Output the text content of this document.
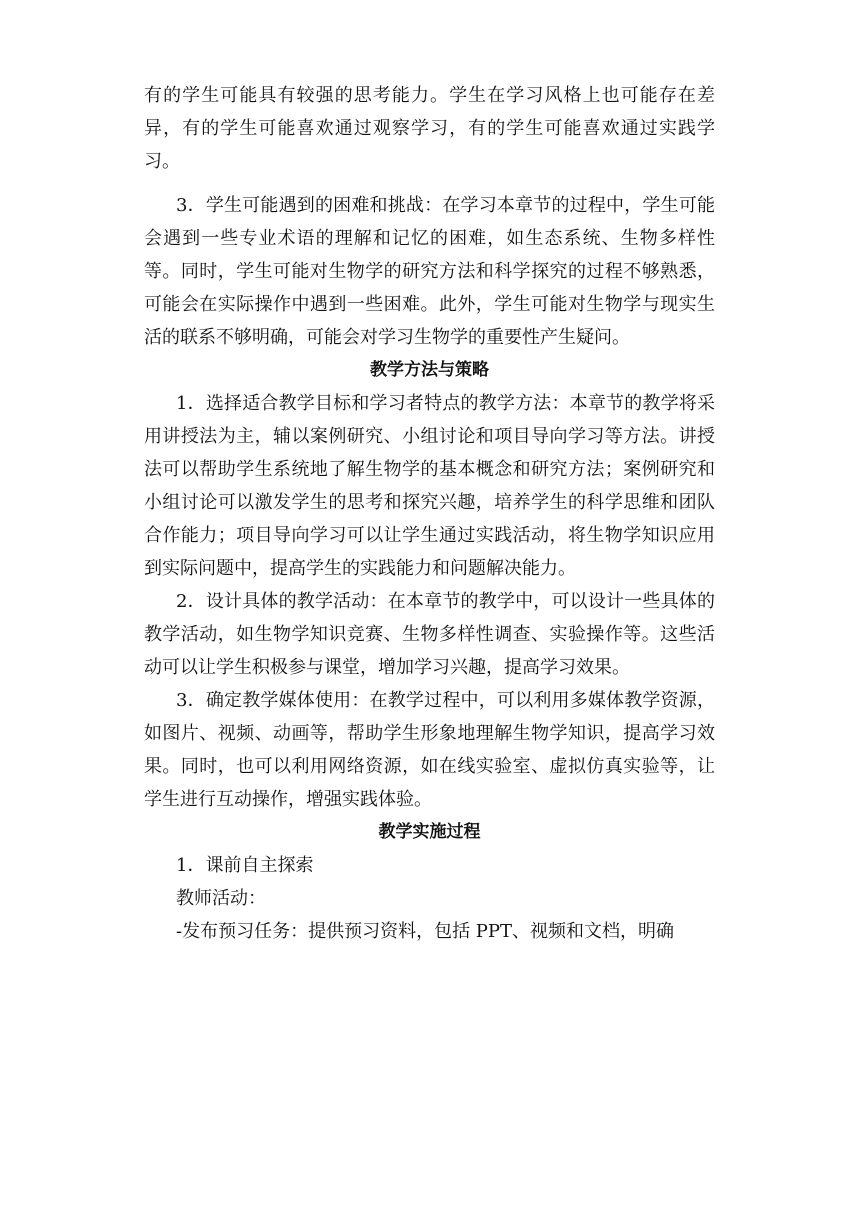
有的学生可能具有较强的思考能力。学生在学习风格上也可能存在差异，有的学生可能喜欢通过观察学习，有的学生可能喜欢通过实践学习。

3．学生可能遇到的困难和挑战：在学习本章节的过程中，学生可能会遇到一些专业术语的理解和记忆的困难，如生态系统、生物多样性等。同时，学生可能对生物学的研究方法和科学探究的过程不够熟悉，可能会在实际操作中遇到一些困难。此外，学生可能对生物学与现实生活的联系不够明确，可能会对学习生物学的重要性产生疑问。

教学方法与策略

1．选择适合教学目标和学习者特点的教学方法：本章节的教学将采用讲授法为主，辅以案例研究、小组讨论和项目导向学习等方法。讲授法可以帮助学生系统地了解生物学的基本概念和研究方法；案例研究和小组讨论可以激发学生的思考和探究兴趣，培养学生的科学思维和团队合作能力；项目导向学习可以让学生通过实践活动，将生物学知识应用到实际问题中，提高学生的实践能力和问题解决能力。

2．设计具体的教学活动：在本章节的教学中，可以设计一些具体的教学活动，如生物学知识竞赛、生物多样性调查、实验操作等。这些活动可以让学生积极参与课堂，增加学习兴趣，提高学习效果。

3．确定教学媒体使用：在教学过程中，可以利用多媒体教学资源，如图片、视频、动画等，帮助学生形象地理解生物学知识，提高学习效果。同时，也可以利用网络资源，如在线实验室、虚拟仿真实验等，让学生进行互动操作，增强实践体验。

教学实施过程

1．课前自主探索

教师活动：

-发布预习任务：提供预习资料，包括 PPT、视频和文档，明确
